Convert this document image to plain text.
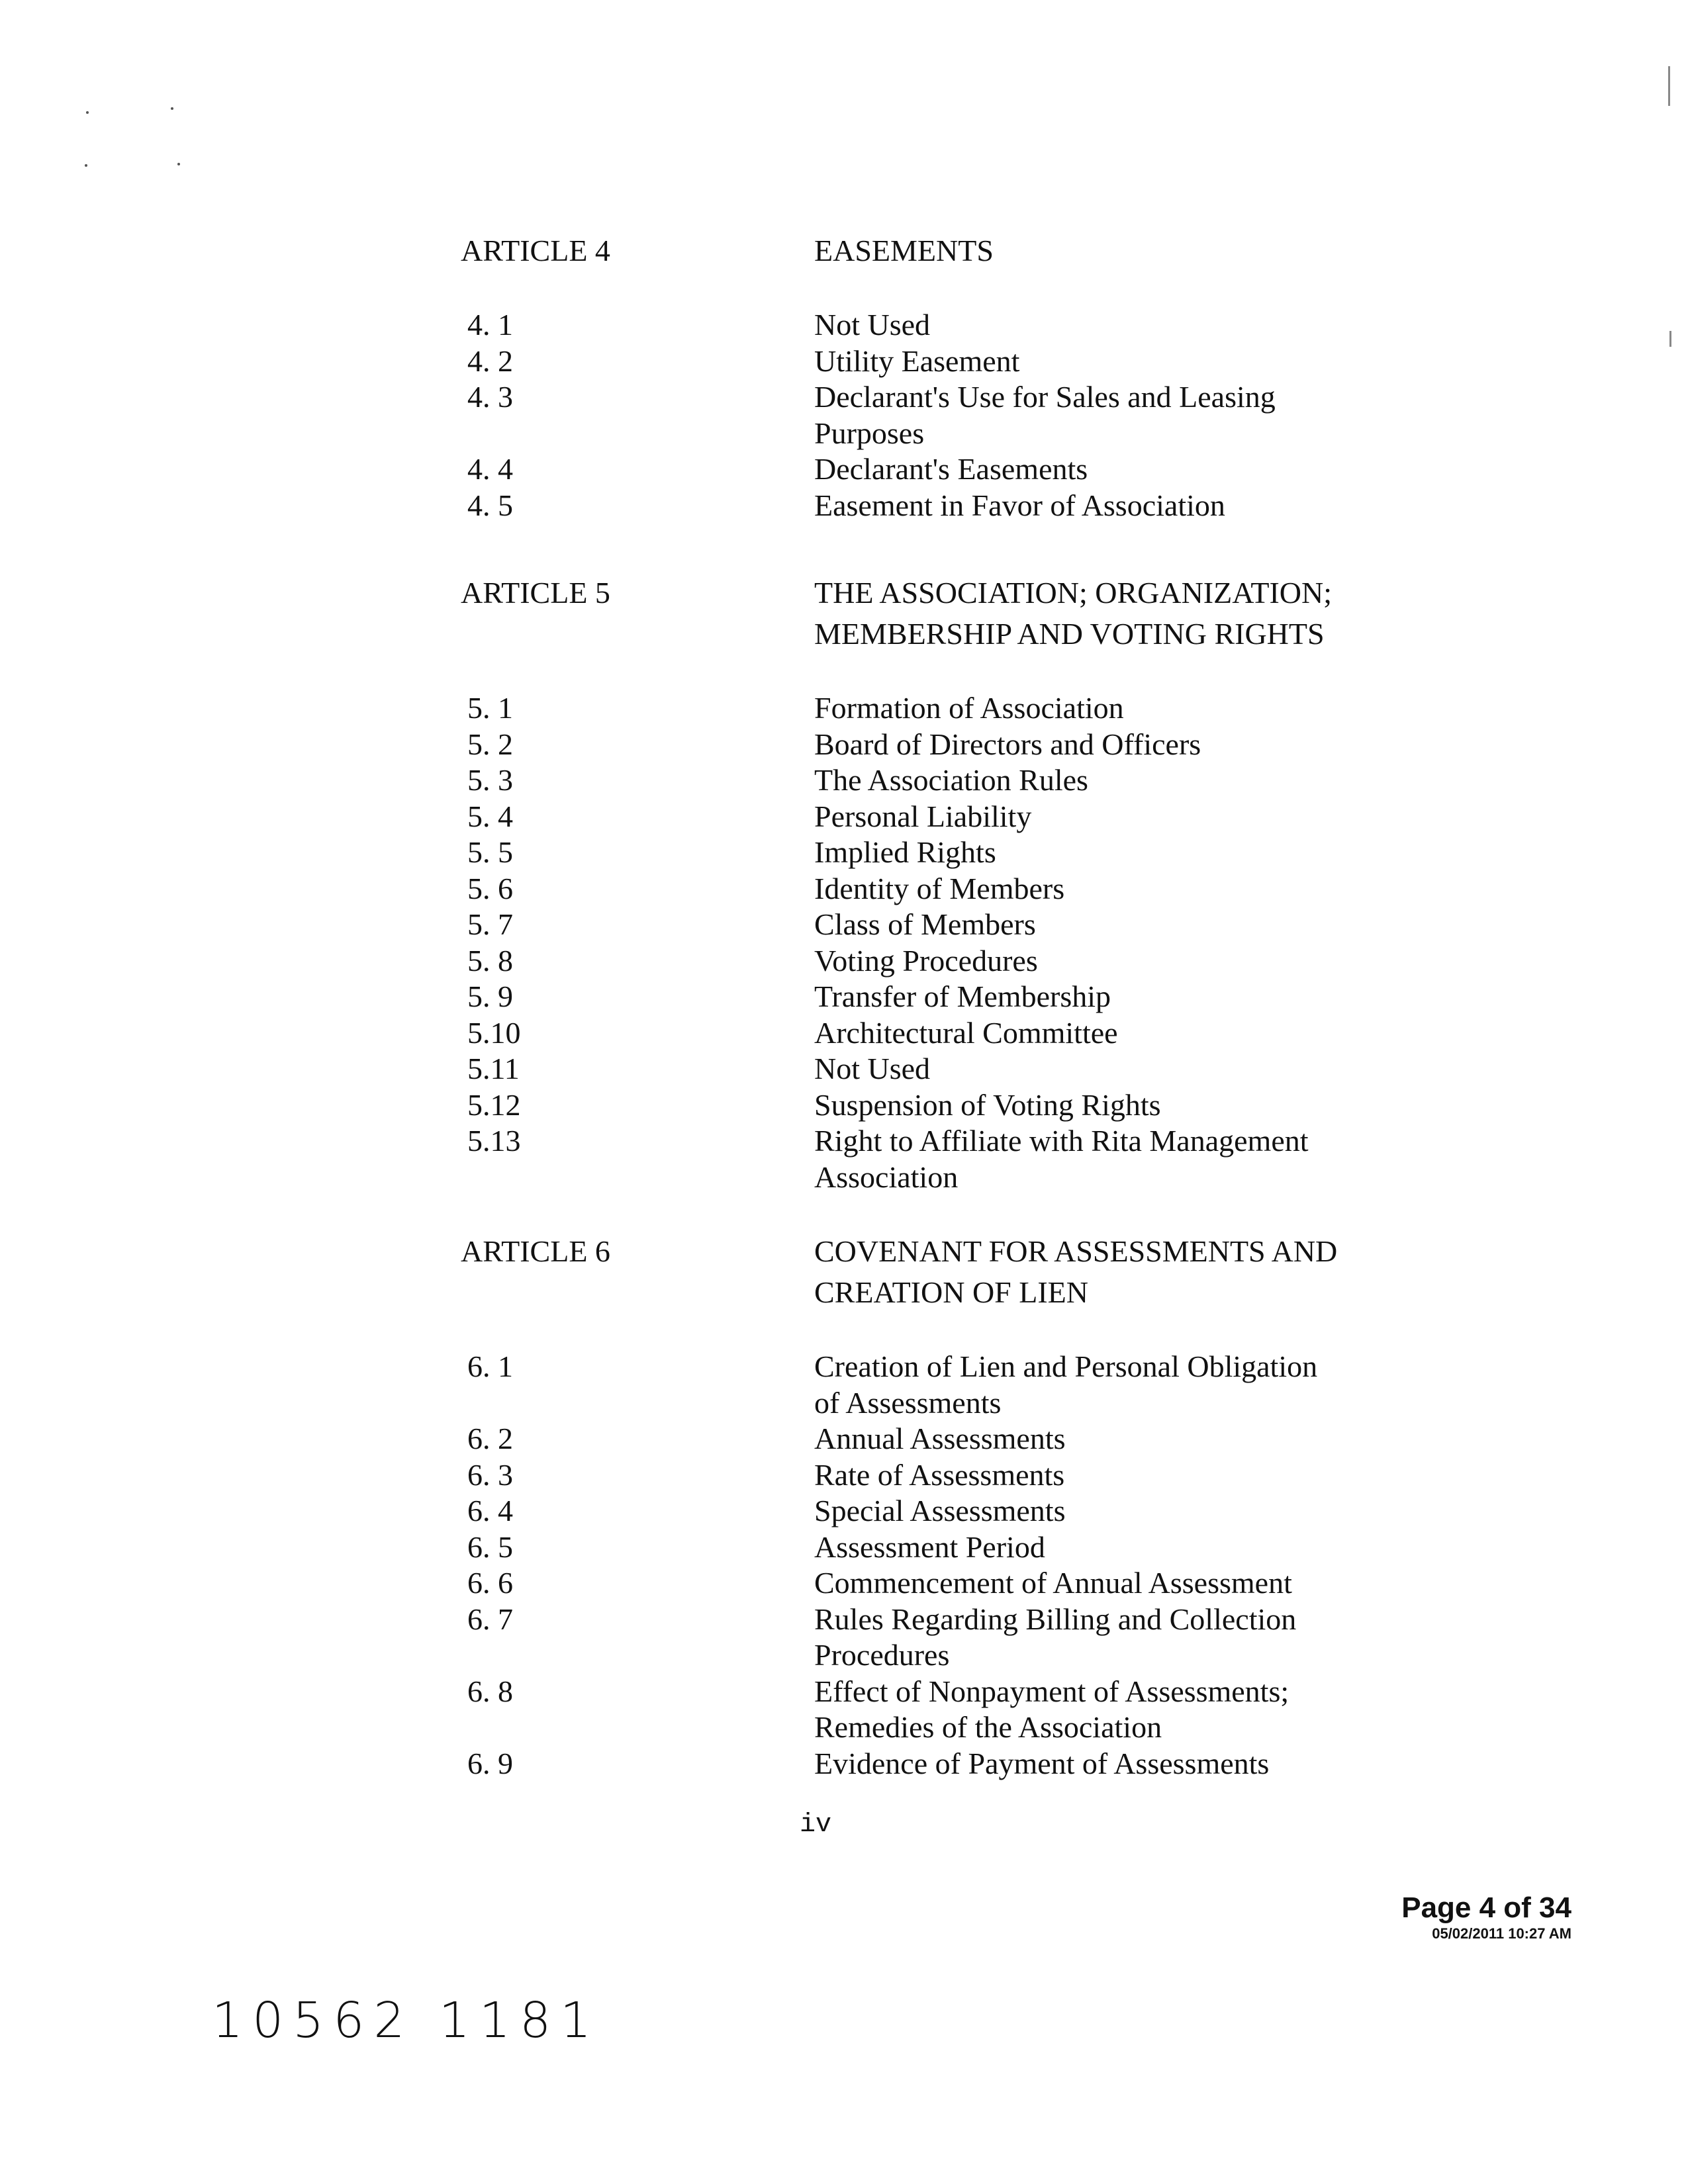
ARTICLE 4	EASEMENTS
4. 1	Not Used
4. 2	Utility Easement
4. 3	Declarant's Use for Sales and Leasing
Purposes
4. 4	Declarant's Easements
4. 5	Easement in Favor of Association
ARTICLE 5	THE ASSOCIATION; ORGANIZATION;
MEMBERSHIP AND VOTING RIGHTS
5. 1	Formation of Association
5. 2	Board of Directors and Officers
5. 3	The Association Rules
5. 4	Personal Liability
5. 5	Implied Rights
5. 6	Identity of Members
5. 7	Class of Members
5. 8	Voting Procedures
5. 9	Transfer of Membership
5.10	Architectural Committee
5.11	Not Used
5.12	Suspension of Voting Rights
5.13	Right to Affiliate with Rita Management
Association
ARTICLE 6	COVENANT FOR ASSESSMENTS AND
CREATION OF LIEN
6. 1	Creation of Lien and Personal Obligation
of Assessments
6. 2	Annual Assessments
6. 3	Rate of Assessments
6. 4	Special Assessments
6. 5	Assessment Period
6. 6	Commencement of Annual Assessment
6. 7	Rules Regarding Billing and Collection
Procedures
6. 8	Effect of Nonpayment of Assessments;
Remedies of the Association
6. 9	Evidence of Payment of Assessments
iv
Page 4 of 34
05/02/2011 10:27 AM
10562 1181
